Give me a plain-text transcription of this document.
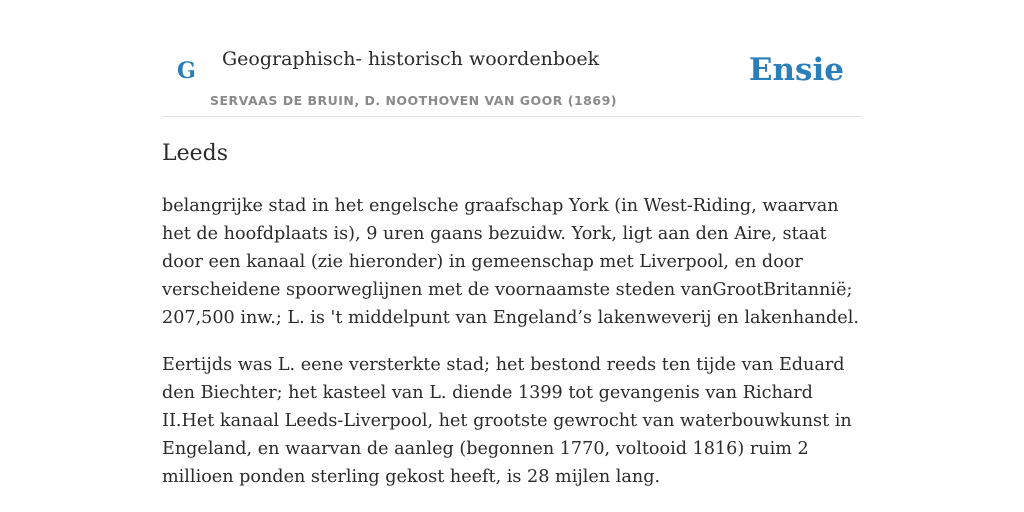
G	Geographisch- historisch woordenboek
SERVAAS DE BRUIN, D. NOOTHOVEN VAN GOOR (1869)
Ensie
Leeds

belangrijke stad in het engelsche graafschap York (in West-Riding, waarvan het de hoofdplaats is), 9 uren gaans bezuidw. York, ligt aan den Aire, staat door een kanaal (zie hieronder) in gemeenschap met Liverpool, en door verscheidene spoorweglijnen met de voornaamste steden vanGrootBritannië; 207,500 inw.; L. is 't middelpunt van Engeland’s lakenweverij en lakenhandel.

Eertijds was L. eene versterkte stad; het bestond reeds ten tijde van Eduard den Biechter; het kasteel van L. diende 1399 tot gevangenis van Richard II.Het kanaal Leeds-Liverpool, het grootste gewrocht van waterbouwkunst in Engeland, en waarvan de aanleg (begonnen 1770, voltooid 1816) ruim 2 millioen ponden sterling gekost heeft, is 28 mijlen lang.
